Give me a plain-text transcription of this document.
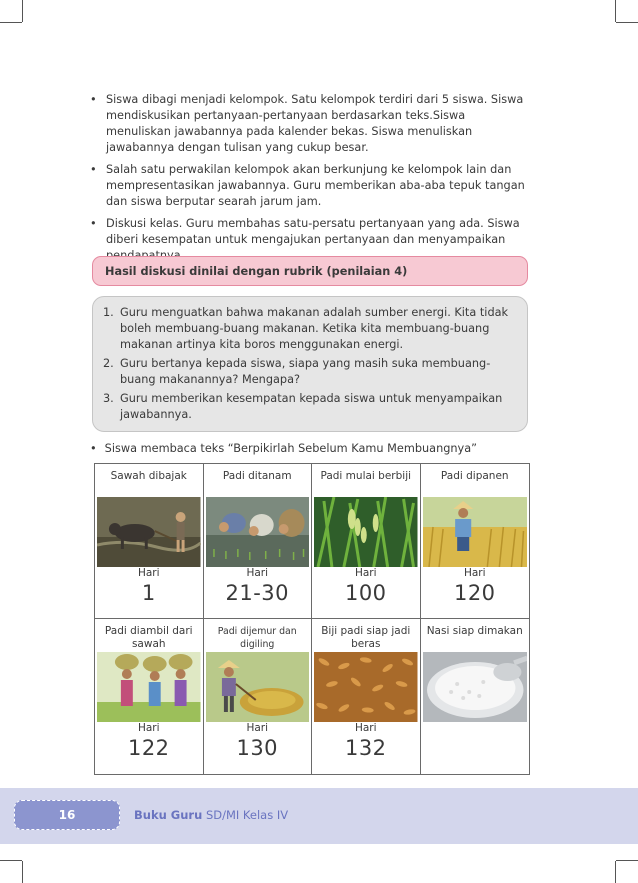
• Siswa dibagi menjadi kelompok. Satu kelompok terdiri dari 5 siswa. Siswa mendiskusikan pertanyaan-pertanyaan berdasarkan teks.Siswa menuliskan jawabannya pada kalender bekas. Siswa menuliskan jawabannya dengan tulisan yang cukup besar.
• Salah satu perwakilan kelompok akan berkunjung ke kelompok lain dan mempresentasikan jawabannya. Guru memberikan aba-aba tepuk tangan dan siswa berputar searah jarum jam.
• Diskusi kelas. Guru membahas satu-persatu pertanyaan yang ada. Siswa diberi kesempatan untuk mengajukan pertanyaan dan menyampaikan
Hasil diskusi dinilai dengan rubrik (penilaian 4)
1. Guru menguatkan bahwa makanan adalah sumber energi. Kita tidak boleh membuang-buang makanan. Ketika kita membuang-buang makanan artinya kita boros menggunakan energi.
2. Guru bertanya kepada siswa, siapa yang masih suka membuang-buang makanannya? Mengapa?
3. Guru memberikan kesempatan kepada siswa untuk menyampaikan jawabannya.
• Siswa membaca teks “Berpikirlah Sebelum Kamu Membuangnya”
Sawah dibajak
Hari
1
Padi ditanam
Hari
21-30
Padi mulai berbiji
Hari
100
Padi dipanen
Hari
120
Padi diambil dari sawah
Hari
122
Padi dijemur dan digiling
Hari
130
Biji padi siap jadi beras
Hari
132
Nasi siap dimakan
16	Buku Guru SD/MI Kelas IV
